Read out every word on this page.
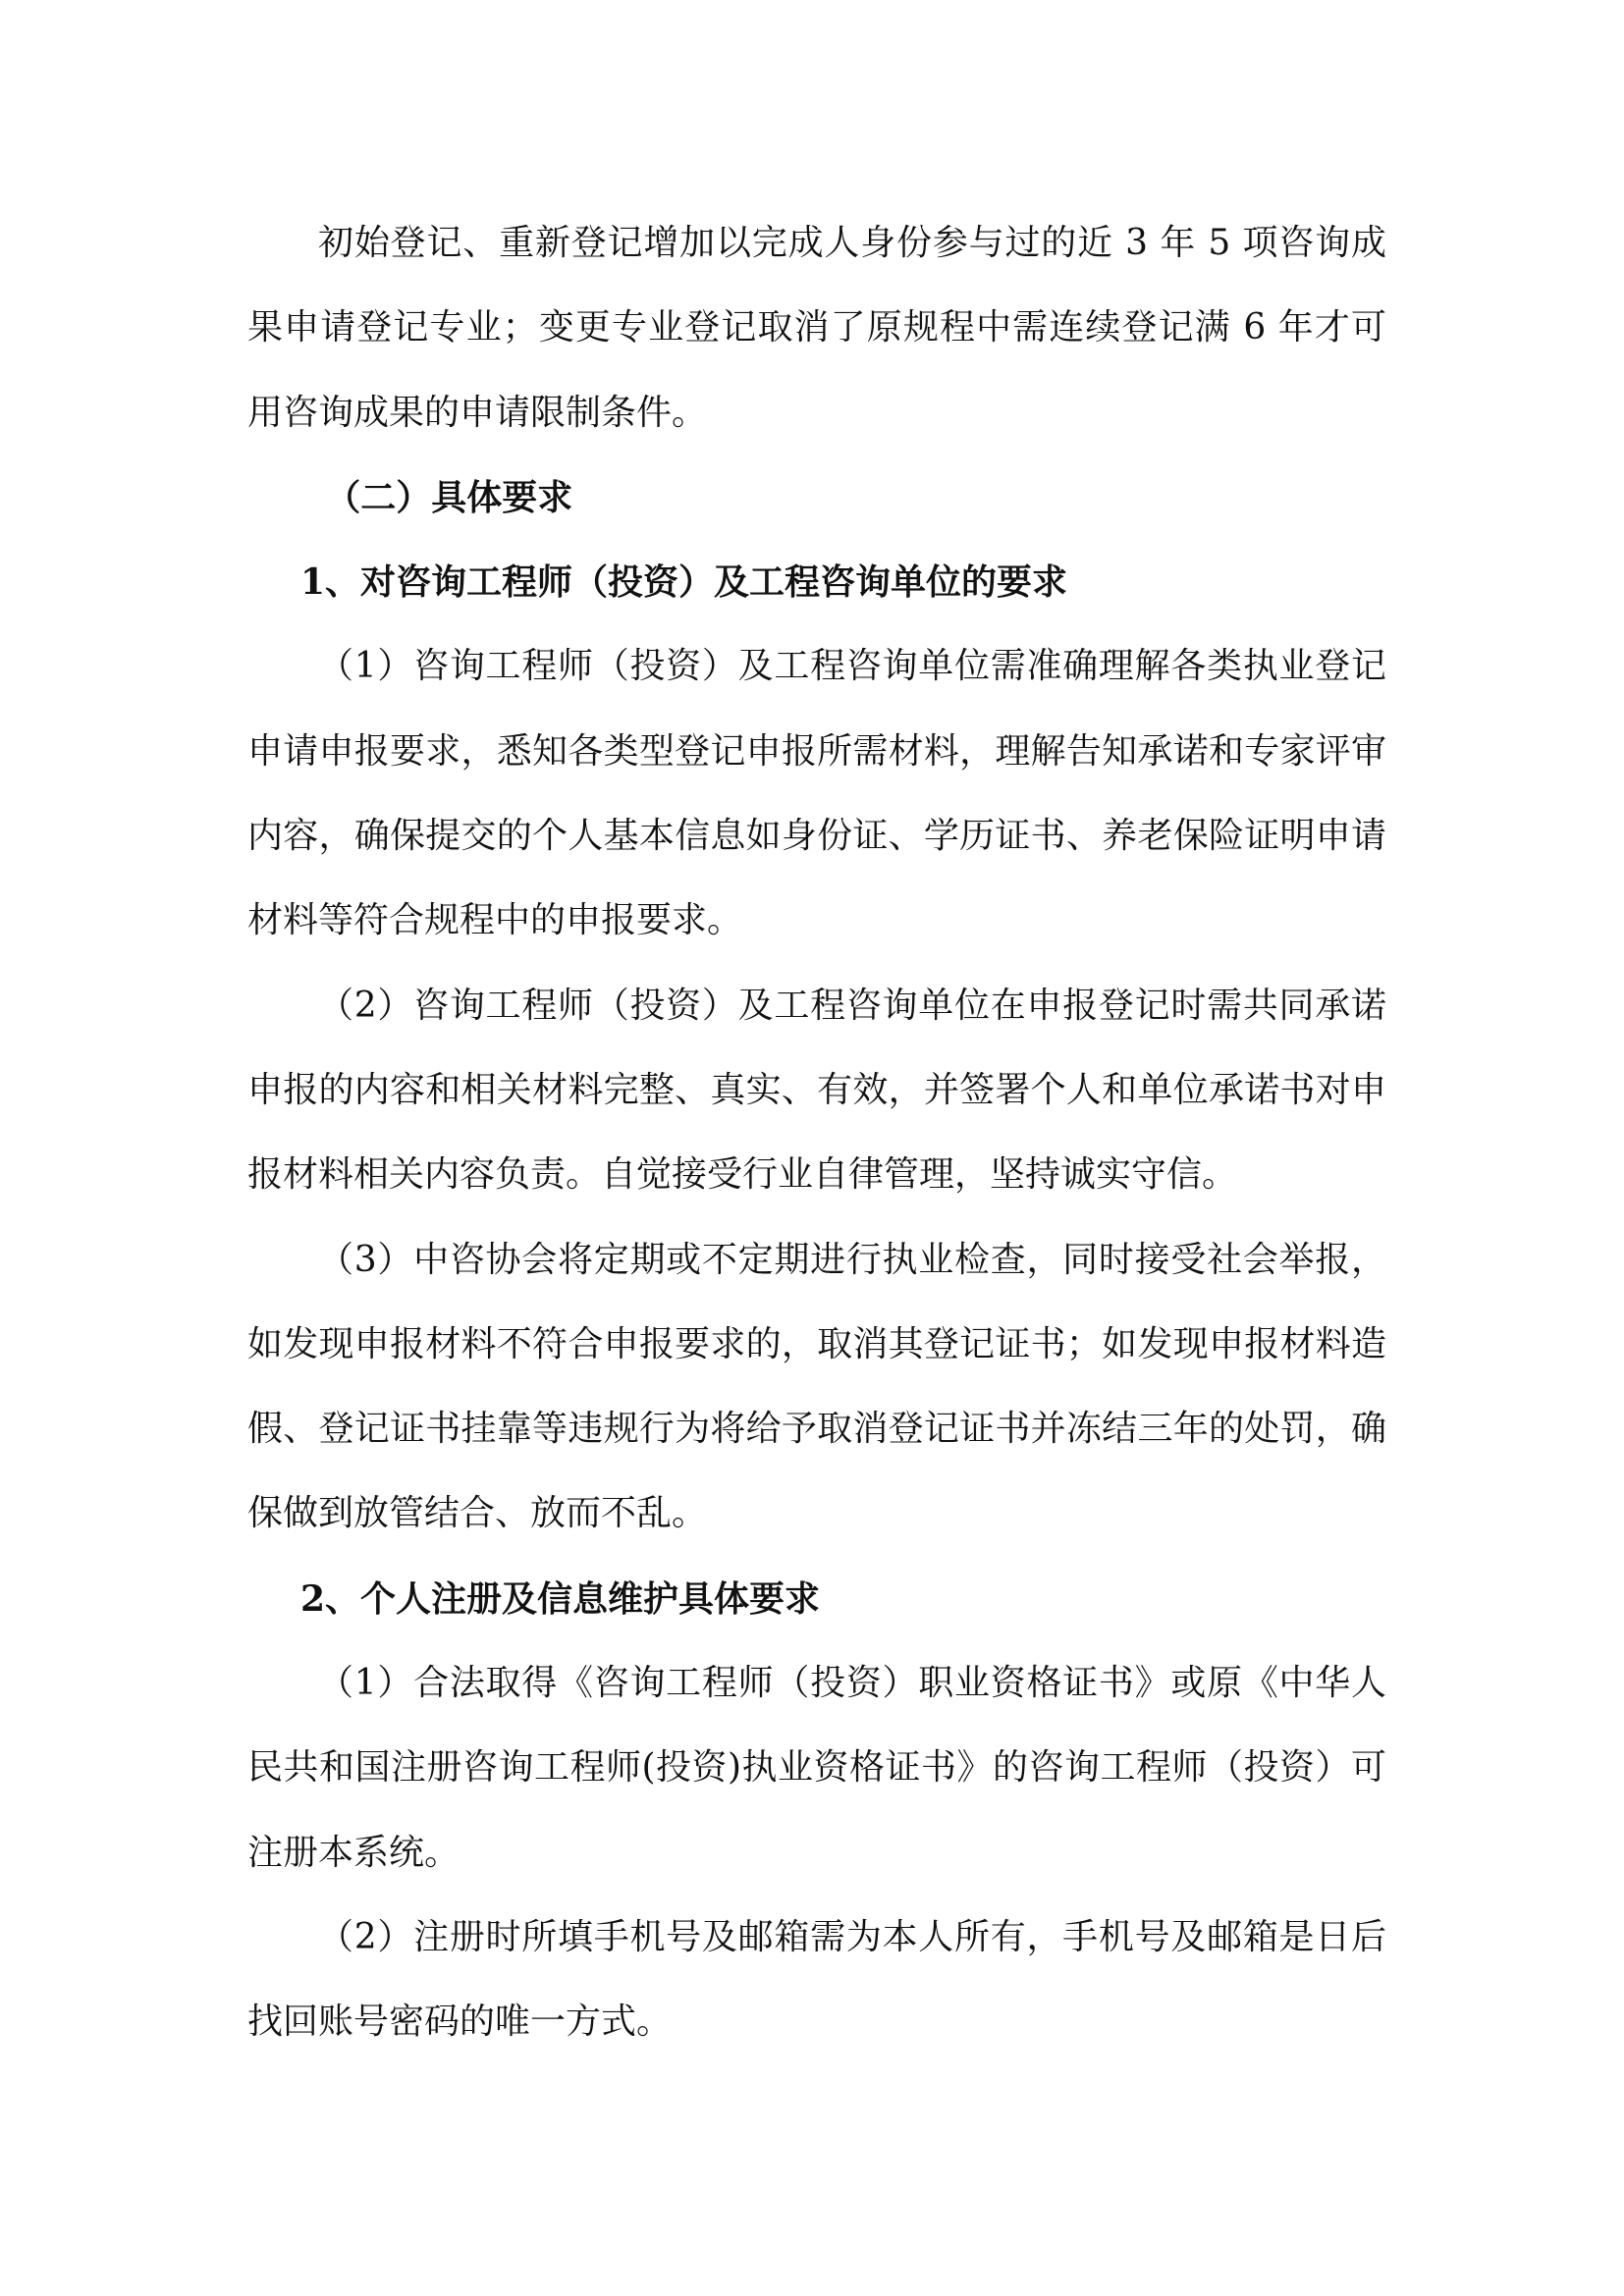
初始登记、重新登记增加以完成人身份参与过的近 3 年 5 项咨询成果申请登记专业；变更专业登记取消了原规程中需连续登记满 6 年才可用咨询成果的申请限制条件。

（二）具体要求

1、对咨询工程师（投资）及工程咨询单位的要求

（1）咨询工程师（投资）及工程咨询单位需准确理解各类执业登记申请申报要求，悉知各类型登记申报所需材料，理解告知承诺和专家评审内容，确保提交的个人基本信息如身份证、学历证书、养老保险证明申请材料等符合规程中的申报要求。

（2）咨询工程师（投资）及工程咨询单位在申报登记时需共同承诺申报的内容和相关材料完整、真实、有效，并签署个人和单位承诺书对申报材料相关内容负责。自觉接受行业自律管理，坚持诚实守信。

（3）中咨协会将定期或不定期进行执业检查，同时接受社会举报，如发现申报材料不符合申报要求的，取消其登记证书；如发现申报材料造假、登记证书挂靠等违规行为将给予取消登记证书并冻结三年的处罚，确保做到放管结合、放而不乱。

2、个人注册及信息维护具体要求

（1）合法取得《咨询工程师（投资）职业资格证书》或原《中华人民共和国注册咨询工程师(投资)执业资格证书》的咨询工程师（投资）可注册本系统。

（2）注册时所填手机号及邮箱需为本人所有，手机号及邮箱是日后找回账号密码的唯一方式。
